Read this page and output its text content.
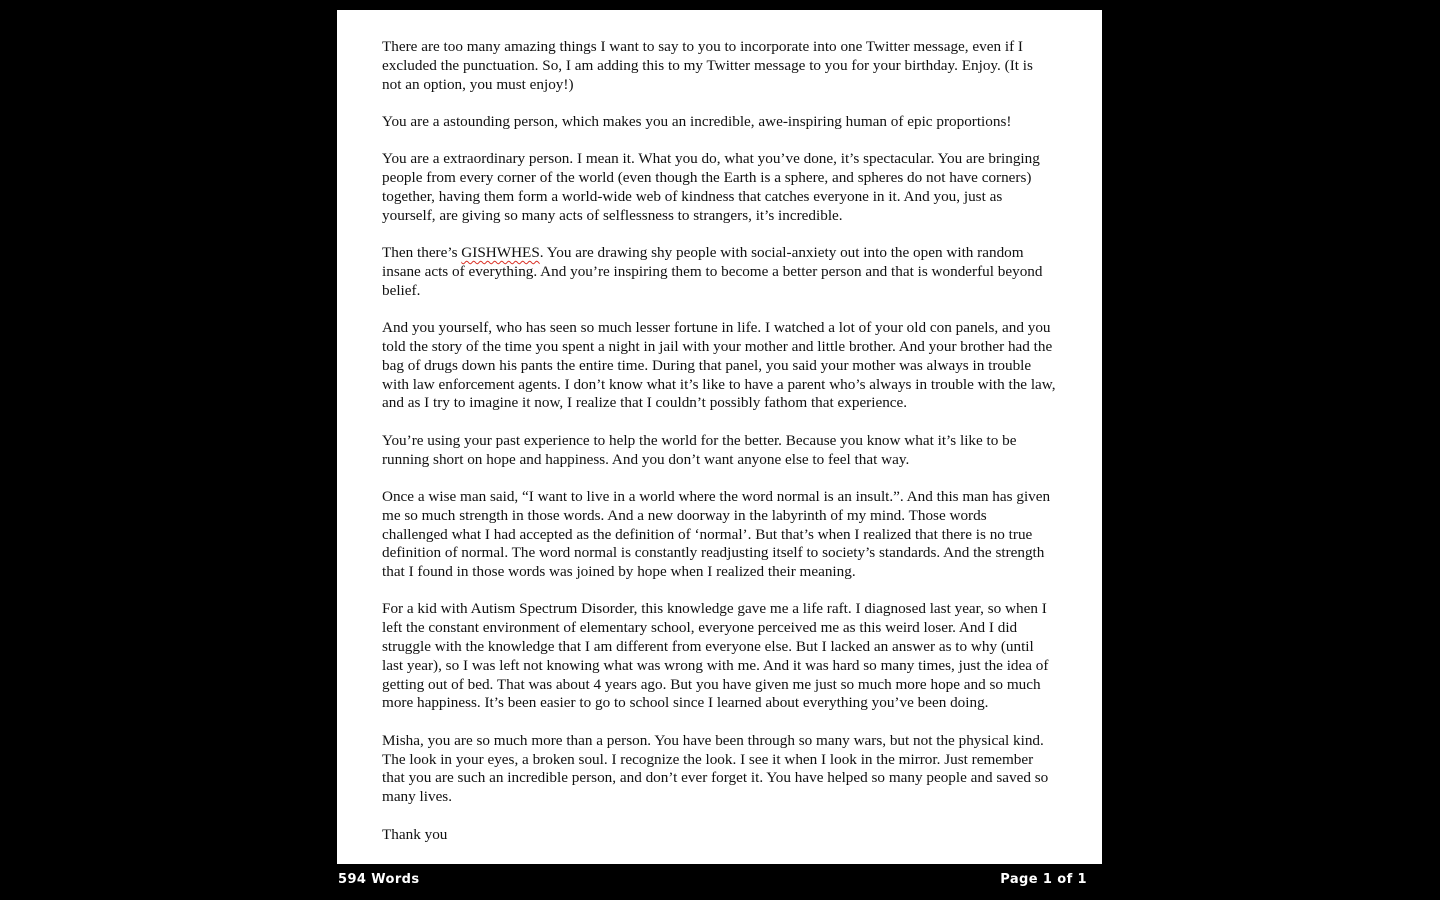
There are too many amazing things I want to say to you to incorporate into one Twitter message, even if I excluded the punctuation. So, I am adding this to my Twitter message to you for your birthday. Enjoy. (It is not an option, you must enjoy!)

You are a astounding person, which makes you an incredible, awe-inspiring human of epic proportions!

You are a extraordinary person. I mean it. What you do, what you’ve done, it’s spectacular. You are bringing people from every corner of the world (even though the Earth is a sphere, and spheres do not have corners) together, having them form a world-wide web of kindness that catches everyone in it. And you, just as yourself, are giving so many acts of selflessness to strangers, it’s incredible.

Then there’s GISHWHES. You are drawing shy people with social-anxiety out into the open with random insane acts of everything. And you’re inspiring them to become a better person and that is wonderful beyond belief.

And you yourself, who has seen so much lesser fortune in life. I watched a lot of your old con panels, and you told the story of the time you spent a night in jail with your mother and little brother. And your brother had the bag of drugs down his pants the entire time. During that panel, you said your mother was always in trouble with law enforcement agents. I don’t know what it’s like to have a parent who’s always in trouble with the law, and as I try to imagine it now, I realize that I couldn’t possibly fathom that experience.

You’re using your past experience to help the world for the better. Because you know what it’s like to be running short on hope and happiness. And you don’t want anyone else to feel that way.

Once a wise man said, “I want to live in a world where the word normal is an insult.”. And this man has given me so much strength in those words. And a new doorway in the labyrinth of my mind. Those words challenged what I had accepted as the definition of ‘normal’. But that’s when I realized that there is no true definition of normal. The word normal is constantly readjusting itself to society’s standards. And the strength that I found in those words was joined by hope when I realized their meaning.

For a kid with Autism Spectrum Disorder, this knowledge gave me a life raft. I diagnosed last year, so when I left the constant environment of elementary school, everyone perceived me as this weird loser. And I did struggle with the knowledge that I am different from everyone else. But I lacked an answer as to why (until last year), so I was left not knowing what was wrong with me. And it was hard so many times, just the idea of getting out of bed. That was about 4 years ago. But you have given me just so much more hope and so much more happiness. It’s been easier to go to school since I learned about everything you’ve been doing.

Misha, you are so much more than a person. You have been through so many wars, but not the physical kind. The look in your eyes, a broken soul. I recognize the look. I see it when I look in the mirror. Just remember that you are such an incredible person, and don’t ever forget it. You have helped so many people and saved so many lives.

Thank you

594 Words	Page 1 of 1
